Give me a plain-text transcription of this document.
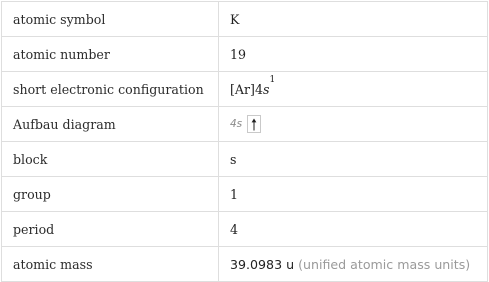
atomic symbol	K
atomic number	19
short electronic configuration	$[Ar]4s^1$
Aufbau diagram	4s

block	s
group	1
period	4
atomic mass	39.0983 u (unified atomic mass units)
